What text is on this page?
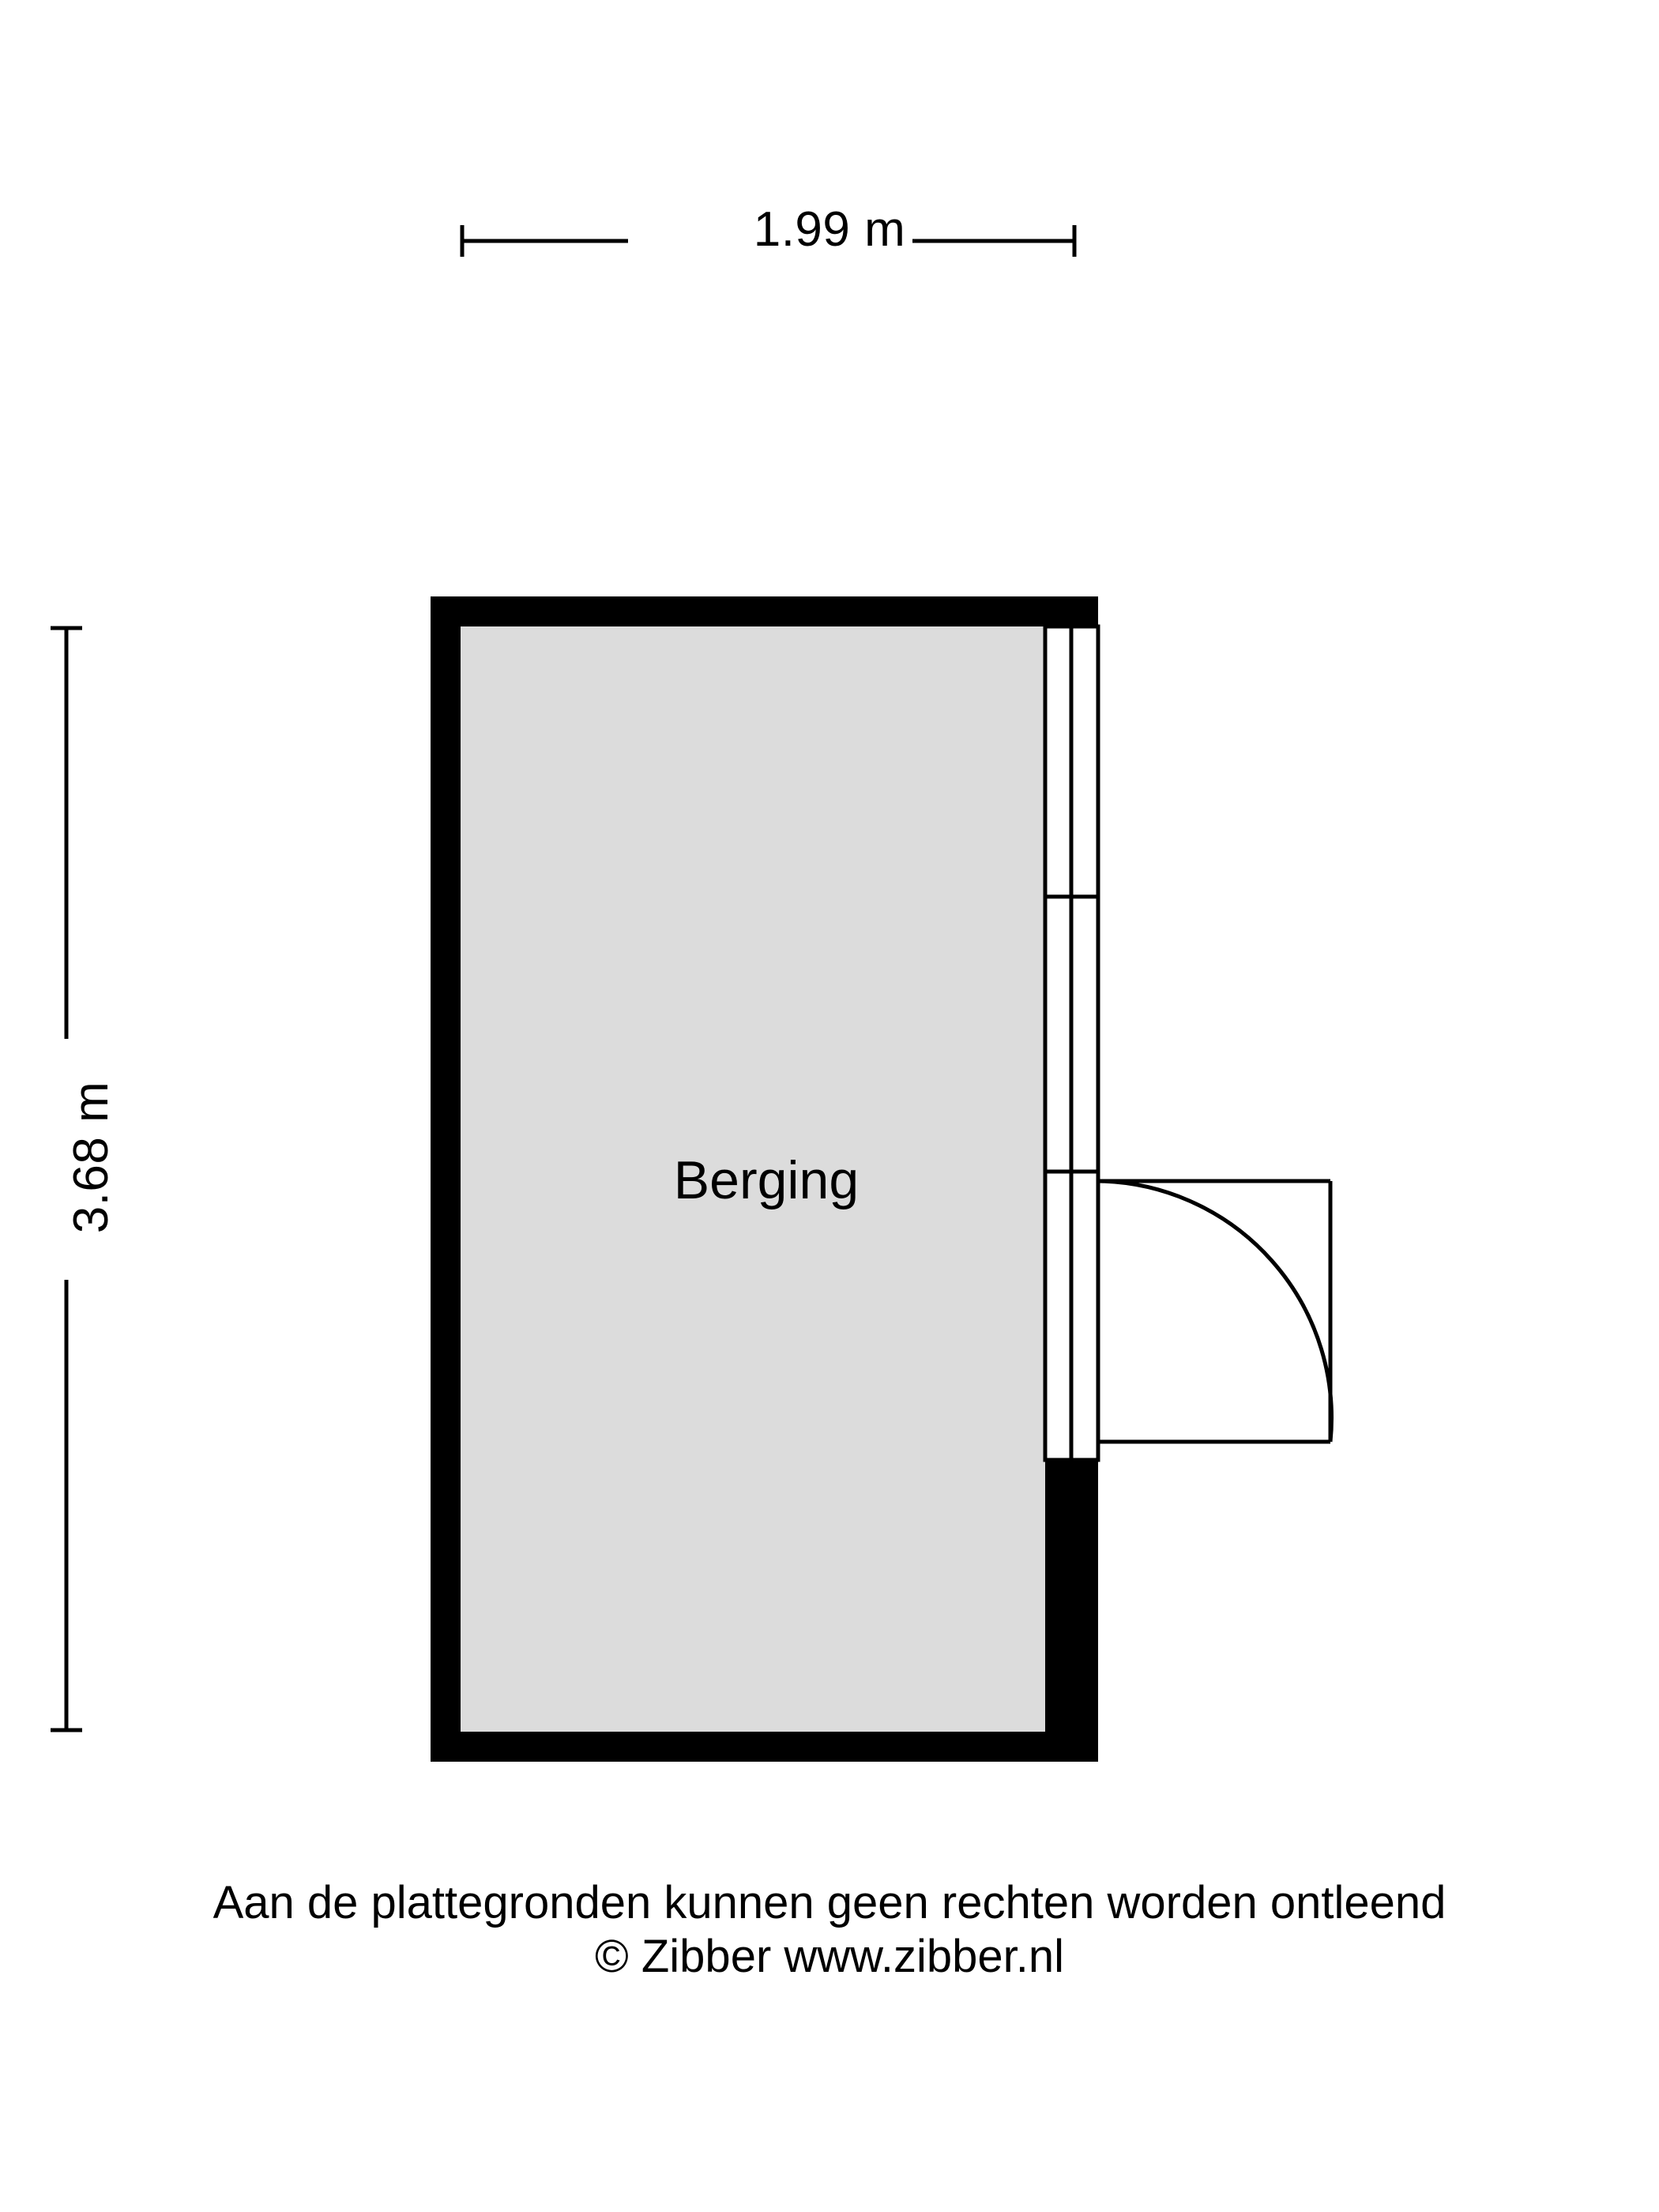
1.99 m
3.68 m	Berging
Aan de plattegronden kunnen geen rechten worden ontleend
© Zibber www.zibber.nl
